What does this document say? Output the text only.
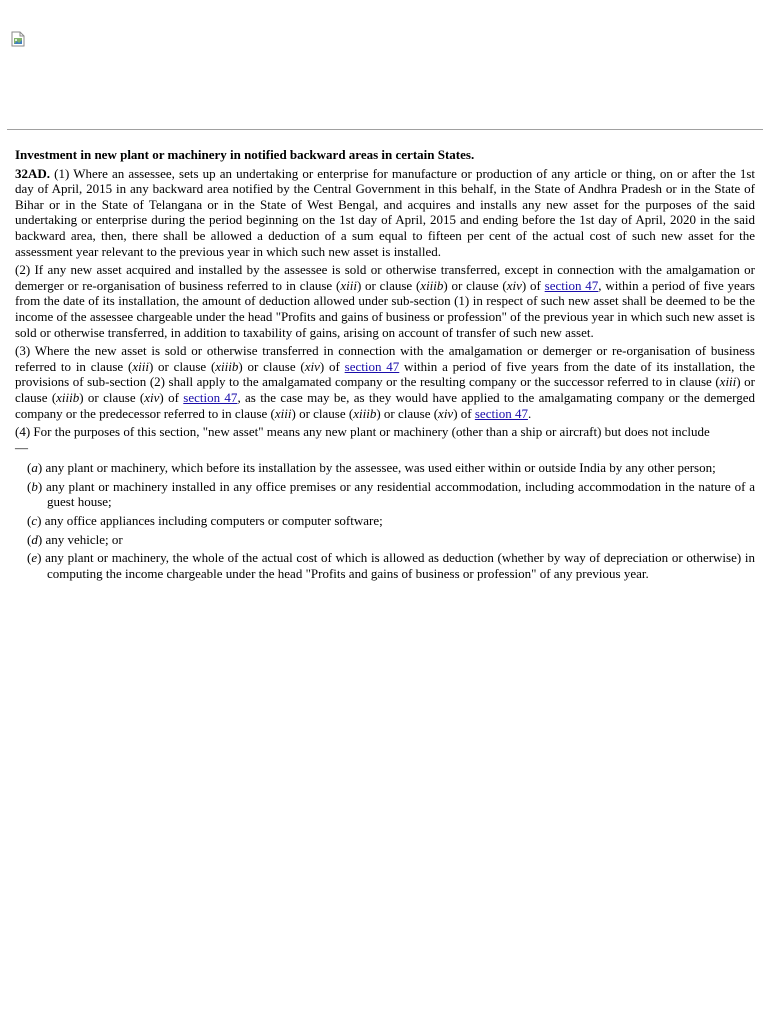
Investment in new plant or machinery in notified backward areas in certain States.

32AD. (1) Where an assessee, sets up an undertaking or enterprise for manufacture or production of any article or thing, on or after the 1st day of April, 2015 in any backward area notified by the Central Government in this behalf, in the State of Andhra Pradesh or in the State of Bihar or in the State of Telangana or in the State of West Bengal, and acquires and installs any new asset for the purposes of the said undertaking or enterprise during the period beginning on the 1st day of April, 2015 and ending before the 1st day of April, 2020 in the said backward area, then, there shall be allowed a deduction of a sum equal to fifteen per cent of the actual cost of such new asset for the assessment year relevant to the previous year in which such new asset is installed.

(2) If any new asset acquired and installed by the assessee is sold or otherwise transferred, except in connection with the amalgamation or demerger or re-organisation of business referred to in clause (xiii) or clause (xiiib) or clause (xiv) of section 47, within a period of five years from the date of its installation, the amount of deduction allowed under sub-section (1) in respect of such new asset shall be deemed to be the income of the assessee chargeable under the head "Profits and gains of business or profession" of the previous year in which such new asset is sold or otherwise transferred, in addition to taxability of gains, arising on account of transfer of such new asset.

(3) Where the new asset is sold or otherwise transferred in connection with the amalgamation or demerger or re-organisation of business referred to in clause (xiii) or clause (xiiib) or clause (xiv) of section 47 within a period of five years from the date of its installation, the provisions of sub-section (2) shall apply to the amalgamated company or the resulting company or the successor referred to in clause (xiii) or clause (xiiib) or clause (xiv) of section 47, as the case may be, as they would have applied to the amalgamating company or the demerged company or the predecessor referred to in clause (xiii) or clause (xiiib) or clause (xiv) of section 47.

(4) For the purposes of this section, "new asset" means any new plant or machinery (other than a ship or aircraft) but does not include

—

(a) any plant or machinery, which before its installation by the assessee, was used either within or outside India by any other person;
(b) any plant or machinery installed in any office premises or any residential accommodation, including accommodation in the nature of a guest house;
(c) any office appliances including computers or computer software;
(d) any vehicle; or
(e) any plant or machinery, the whole of the actual cost of which is allowed as deduction (whether by way of depreciation or otherwise) in computing the income chargeable under the head "Profits and gains of business or profession" of any previous year.
